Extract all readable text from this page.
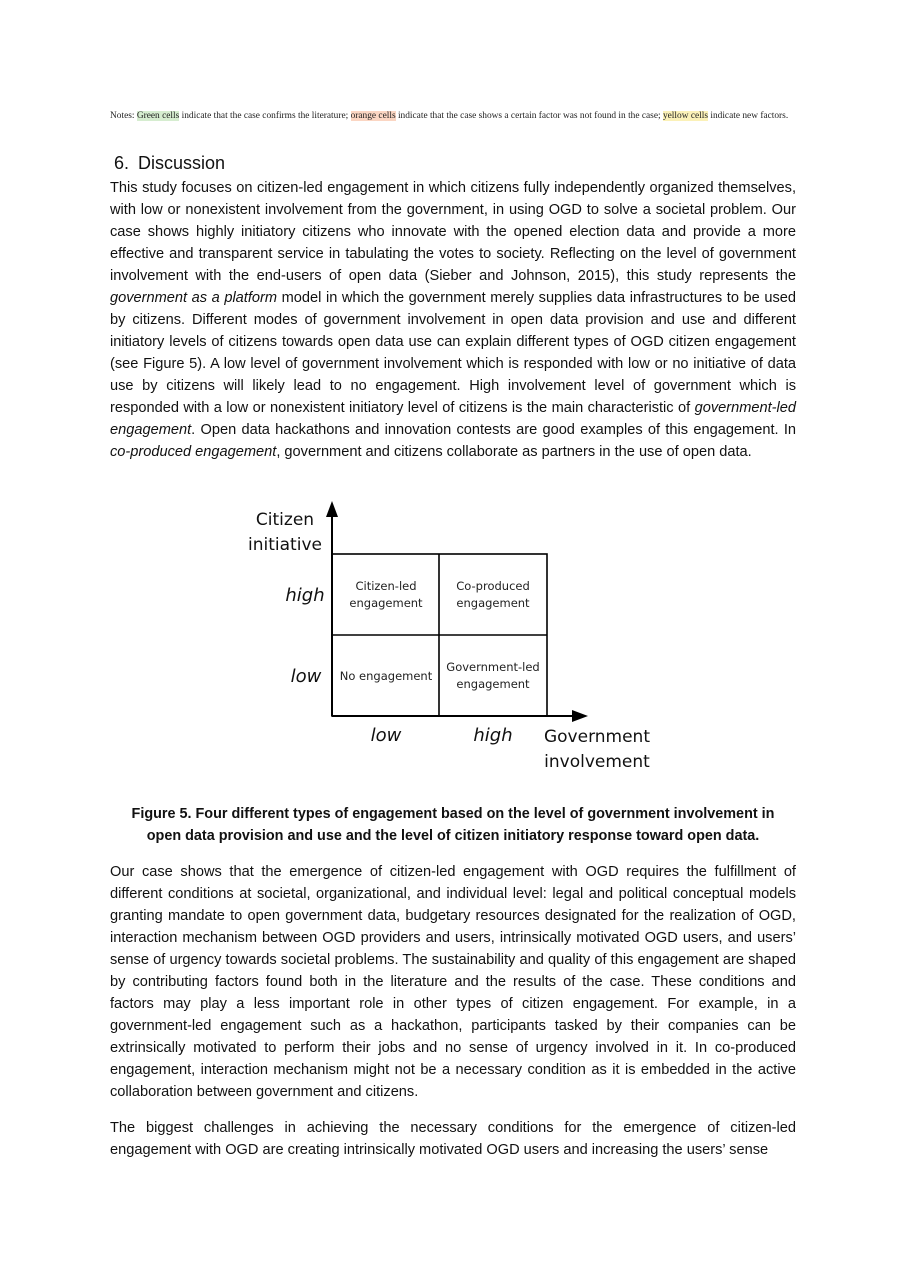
Notes: Green cells indicate that the case confirms the literature; orange cells indicate that the case shows a certain factor was not found in the case; yellow cells indicate new factors.
6. Discussion

This study focuses on citizen-led engagement in which citizens fully independently organized themselves, with low or nonexistent involvement from the government, in using OGD to solve a societal problem. Our case shows highly initiatory citizens who innovate with the opened election data and provide a more effective and transparent service in tabulating the votes to society. Reflecting on the level of government involvement with the end-users of open data (Sieber and Johnson, 2015), this study represents the government as a platform model in which the government merely supplies data infrastructures to be used by citizens. Different modes of government involvement in open data provision and use and different initiatory levels of citizens towards open data use can explain different types of OGD citizen engagement (see Figure 5). A low level of government involvement which is responded with low or no initiative of data use by citizens will likely lead to no engagement. High involvement level of government which is responded with a low or nonexistent initiatory level of citizens is the main characteristic of government-led engagement. Open data hackathons and innovation contests are good examples of this engagement. In co-produced engagement, government and citizens collaborate as partners in the use of open data.

Citizen
initiative
Government
involvement
high
low
low	high
Citizen-led
engagement
Co-produced
engagement
No engagement
Government-led
engagement

Figure 5. Four different types of engagement based on the level of government involvement in
open data provision and use and the level of citizen initiatory response toward open data.

Our case shows that the emergence of citizen-led engagement with OGD requires the fulfillment of different conditions at societal, organizational, and individual level: legal and political conceptual models granting mandate to open government data, budgetary resources designated for the realization of OGD, interaction mechanism between OGD providers and users, intrinsically motivated OGD users, and users’ sense of urgency towards societal problems. The sustainability and quality of this engagement are shaped by contributing factors found both in the literature and the results of the case. These conditions and factors may play a less important role in other types of citizen engagement. For example, in a government-led engagement such as a hackathon, participants tasked by their companies can be extrinsically motivated to perform their jobs and no sense of urgency involved in it. In co-produced engagement, interaction mechanism might not be a necessary condition as it is embedded in the active collaboration between government and citizens.

The biggest challenges in achieving the necessary conditions for the emergence of citizen-led engagement with OGD are creating intrinsically motivated OGD users and increasing the users’ sense
